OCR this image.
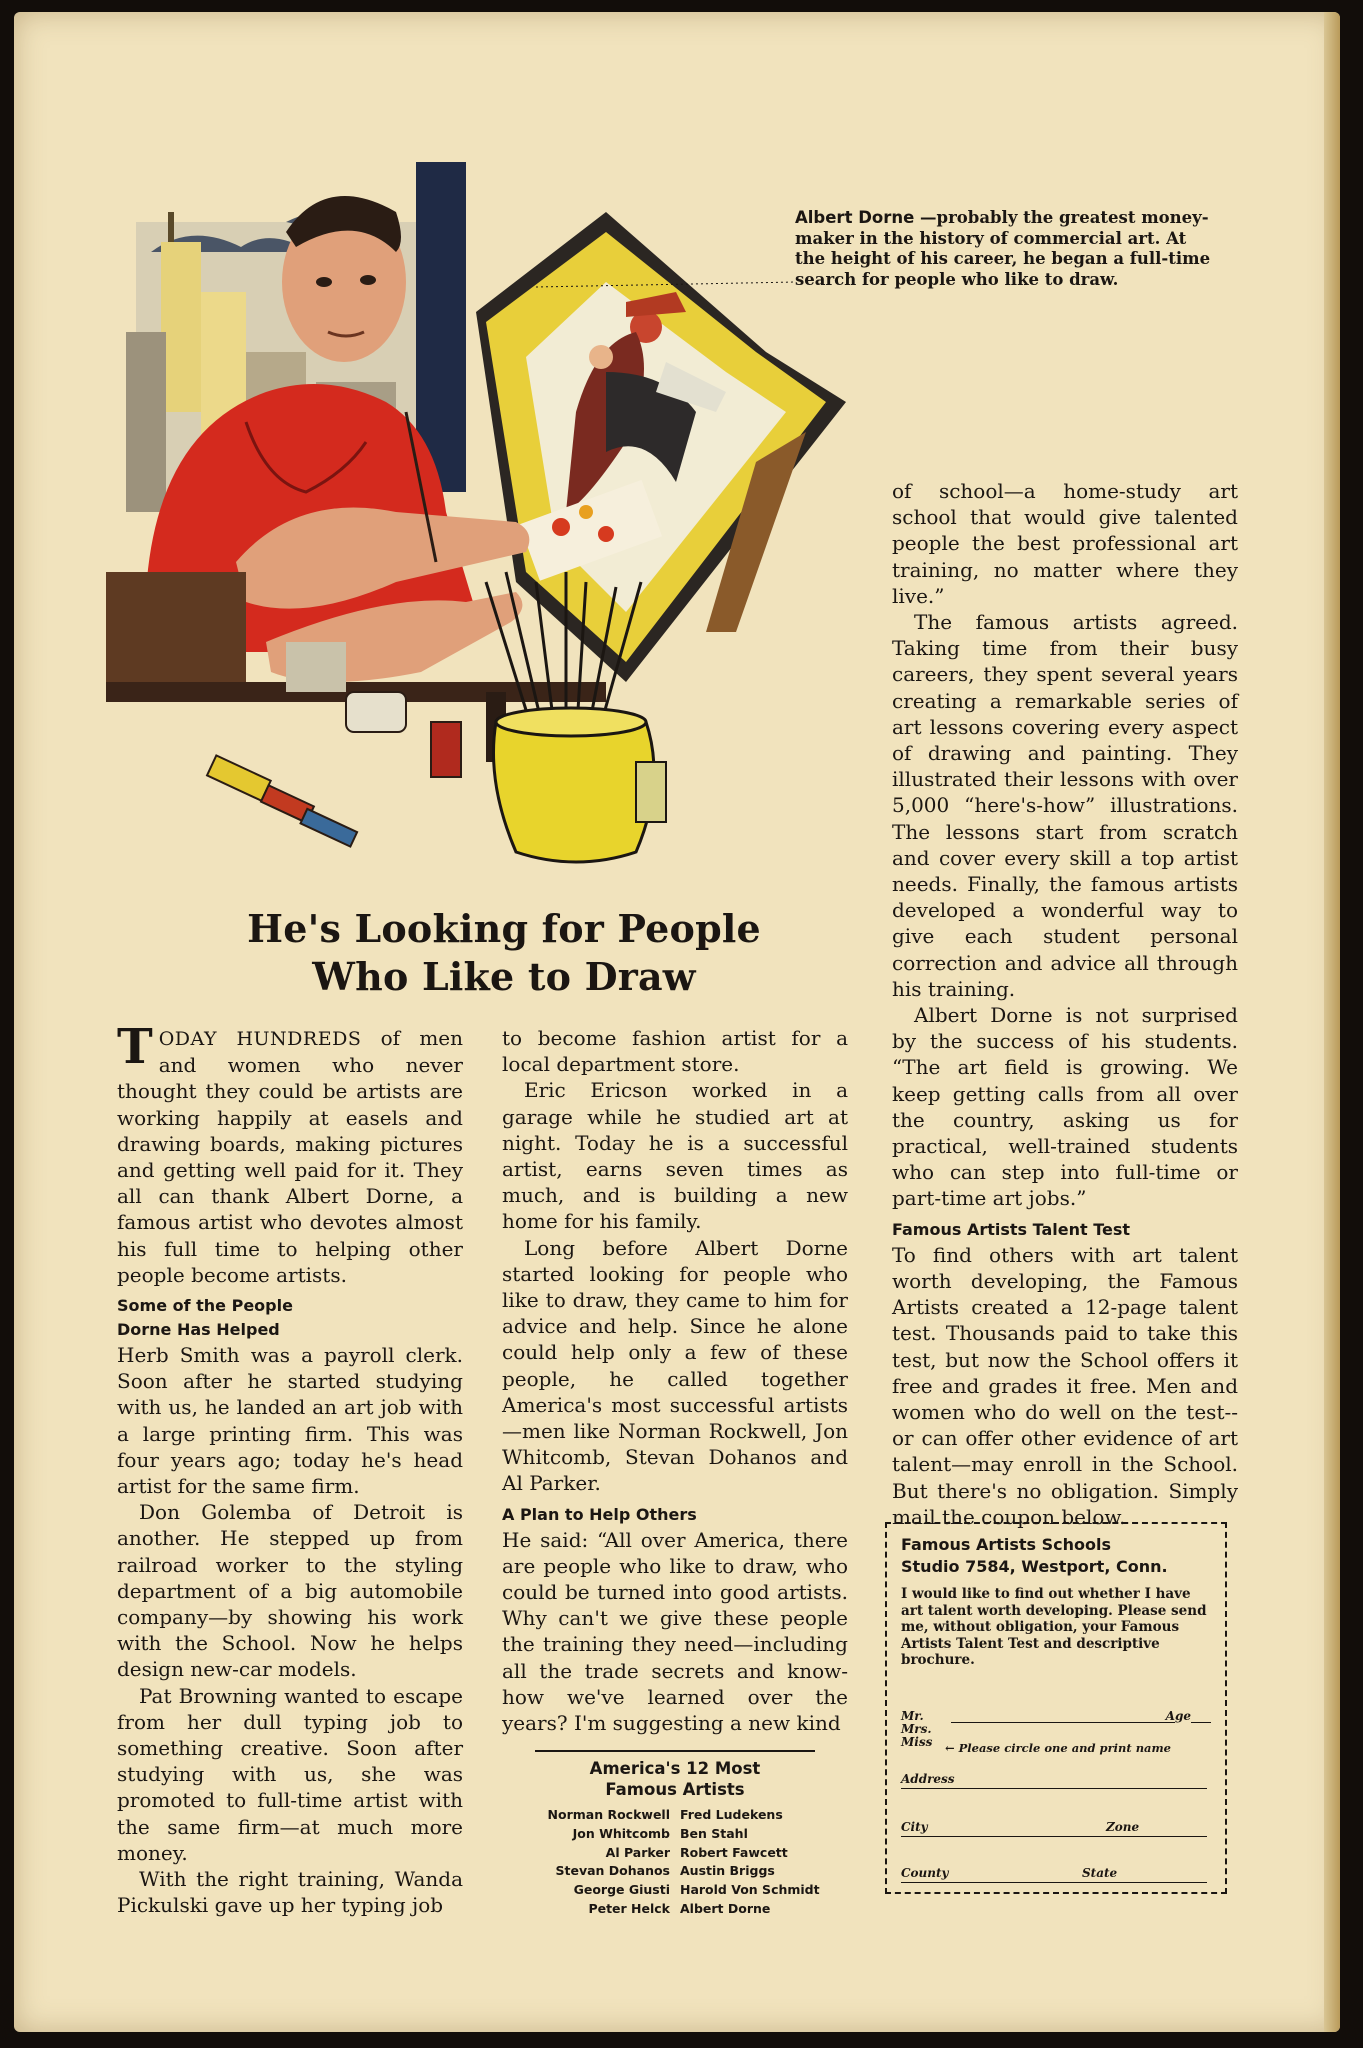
Albert Dorne —probably the greatest money-maker in the history of commercial art. At the height of his career, he began a full-time search for people who like to draw.
He's Looking for People
Who Like to Draw

TODAY HUNDREDS of men and women who never thought they could be artists are working happily at easels and drawing boards, making pictures and getting well paid for it. They all can thank Albert Dorne, a famous artist who devotes almost his full time to helping other people become artists.

Some of the People
Dorne Has Helped

Herb Smith was a payroll clerk. Soon after he started studying with us, he landed an art job with a large printing firm. This was four years ago; today he's head artist for the same firm.

Don Golemba of Detroit is another. He stepped up from railroad worker to the styling department of a big automobile company—by showing his work with the School. Now he helps design new-car models.

Pat Browning wanted to escape from her dull typing job to something creative. Soon after studying with us, she was promoted to full-time artist with the same firm—at much more money.

With the right training, Wanda Pickulski gave up her typing job

to become fashion artist for a local department store.

Eric Ericson worked in a garage while he studied art at night. Today he is a successful artist, earns seven times as much, and is building a new home for his family.

Long before Albert Dorne started looking for people who like to draw, they came to him for advice and help. Since he alone could help only a few of these people, he called together America's most successful artists —men like Norman Rockwell, Jon Whitcomb, Stevan Dohanos and Al Parker.

A Plan to Help Others

He said: “All over America, there are people who like to draw, who could be turned into good artists. Why can't we give these people the training they need—including all the trade secrets and know-how we've learned over the years? I'm suggesting a new kind

America's 12 Most
Famous Artists
Norman Rockwell Fred Ludekens
Jon Whitcomb Ben Stahl
Al Parker Robert Fawcett
Stevan Dohanos Austin Briggs
George Giusti Harold Von Schmidt
Peter Helck Albert Dorne

of school—a home-study art school that would give talented people the best professional art training, no matter where they live.”

The famous artists agreed. Taking time from their busy careers, they spent several years creating a remarkable series of art lessons covering every aspect of drawing and painting. They illustrated their lessons with over 5,000 “here's-how” illustrations. The lessons start from scratch and cover every skill a top artist needs. Finally, the famous artists developed a wonderful way to give each student personal correction and advice all through his training.

Albert Dorne is not surprised by the success of his students. “The art field is growing. We keep getting calls from all over the country, asking us for practical, well-trained students who can step into full-time or part-time art jobs.”

Famous Artists Talent Test

To find others with art talent worth developing, the Famous Artists created a 12-page talent test. Thousands paid to take this test, but now the School offers it free and grades it free. Men and women who do well on the test--or can offer other evidence of art talent—may enroll in the School. But there's no obligation. Simply mail the coupon below.

Famous Artists Schools
Studio 7584, Westport, Conn.
I would like to find out whether I have art talent worth developing. Please send me, without obligation, your Famous Artists Talent Test and descriptive brochure.
Mr.
Mrs.
Miss
Age
← Please circle one and print name
Address
City	Zone
County	State
